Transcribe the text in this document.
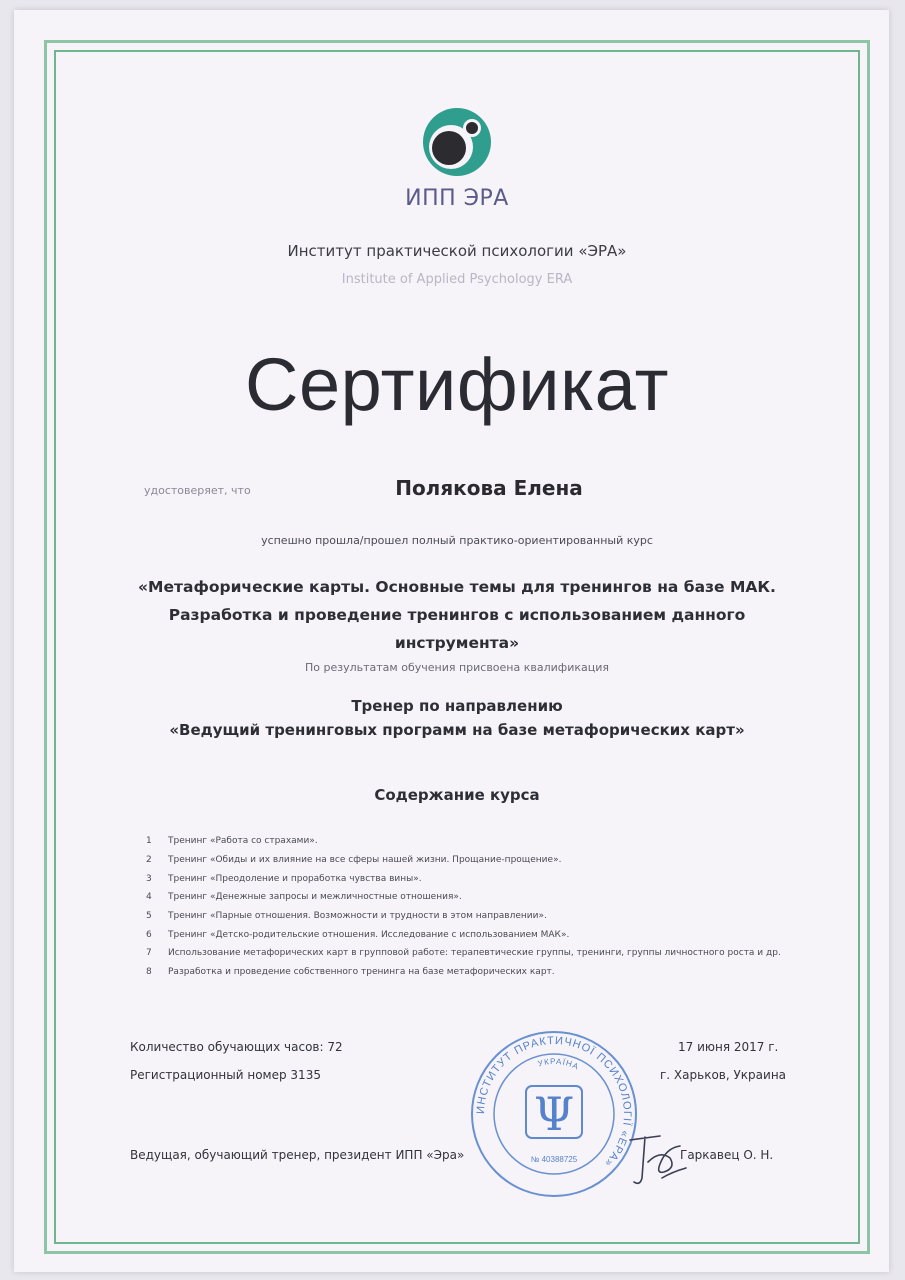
ИПП ЭРА
Институт практической психологии «ЭРА»
Institute of Applied Psychology ERA
Сертификат
удостоверяет, что	Полякова Елена
успешно прошла/прошел полный практико-ориентированный курс
«Метафорические карты. Основные темы для тренингов на базе МАК.
Разработка и проведение тренингов с использованием данного инструмента»
По результатам обучения присвоена квалификация
Тренер по направлению
«Ведущий тренинговых программ на базе метафорических карт»
Содержание курса
1	Тренинг «Работа со страхами».
2	Тренинг «Обиды и их влияние на все сферы нашей жизни. Прощание-прощение».
3	Тренинг «Преодоление и проработка чувства вины».
4	Тренинг «Денежные запросы и межличностные отношения».
5	Тренинг «Парные отношения. Возможности и трудности в этом направлении».
6	Тренинг «Детско-родительские отношения. Исследование с использованием МАК».
7	Использование метафорических карт в групповой работе: терапевтические группы, тренинги, группы личностного роста и др.
8	Разработка и проведение собственного тренинга на базе метафорических карт.
Количество обучающих часов: 72
Регистрационный номер 3135
17 июня 2017 г.
г. Харьков, Украина
ИНСТИТУТ ПРАКТИЧНОЇ ПСИХОЛОГІЇ «ЕРА»
УКРАЇНА
Ψ
№ 40388725
Ведущая, обучающий тренер, президент ИПП «Эра»	Гаркавец О. Н.
